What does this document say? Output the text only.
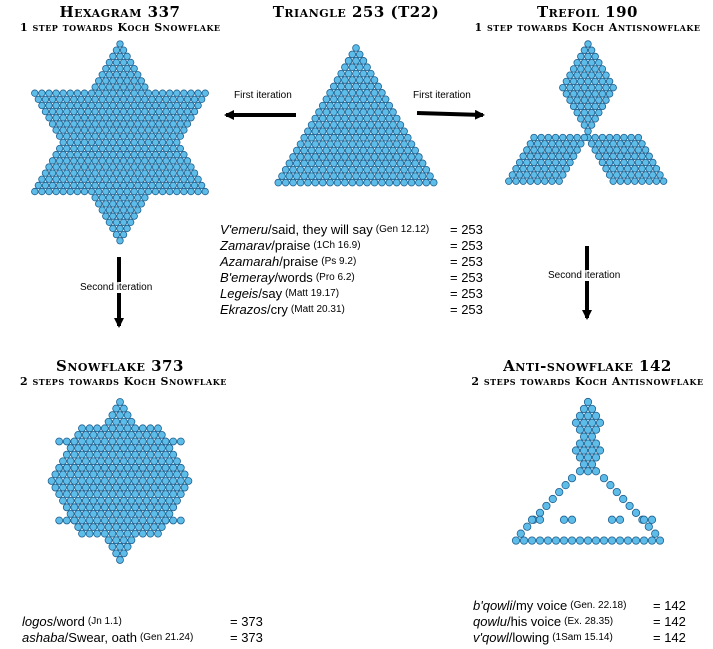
Hexagram 337
1 step towards Koch Snowflake
Triangle 253 (T22)	Trefoil 190
1 step towards Koch Antisnowflake
Snowflake 373
2 steps towards Koch Snowflake
Anti-snowflake 142
2 steps towards Koch Antisnowflake
First iteration	First iteration
Second iteration
Second iteration
V'emeru /said, they will say (Gen 12.12) = 253
Zamarav /praise (1Ch 16.9)	= 253
Azamarah /praise (Ps 9.2)	= 253
B'emeray /words (Pro 6.2)	= 253
Legeis /say (Matt 19.17)	= 253
Ekrazos /cry (Matt 20.31)	= 253
logos /word (Jn 1.1)	= 373
ashaba /Swear, oath (Gen 21.24)	= 373
b'qowli /my voice (Gen. 22.18) = 142
qowlu /his voice (Ex. 28.35)	= 142
v'qowl /lowing (1Sam 15.14)	= 142
